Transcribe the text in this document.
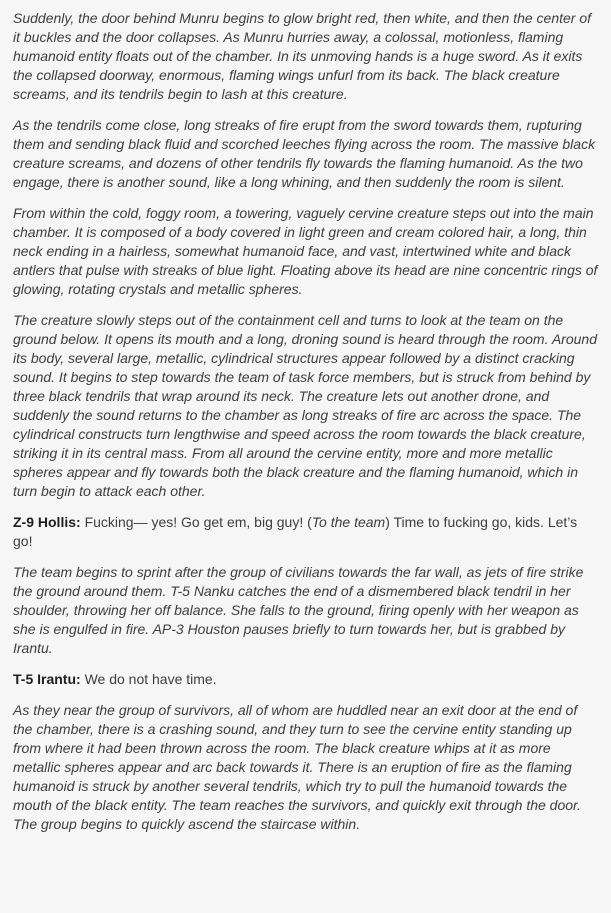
Suddenly, the door behind Munru begins to glow bright red, then white, and then the center of it buckles and the door collapses. As Munru hurries away, a colossal, motionless, flaming humanoid entity floats out of the chamber. In its unmoving hands is a huge sword. As it exits the collapsed doorway, enormous, flaming wings unfurl from its back. The black creature screams, and its tendrils begin to lash at this creature.

As the tendrils come close, long streaks of fire erupt from the sword towards them, rupturing them and sending black fluid and scorched leeches flying across the room. The massive black creature screams, and dozens of other tendrils fly towards the flaming humanoid. As the two engage, there is another sound, like a long whining, and then suddenly the room is silent.

From within the cold, foggy room, a towering, vaguely cervine creature steps out into the main chamber. It is composed of a body covered in light green and cream colored hair, a long, thin neck ending in a hairless, somewhat humanoid face, and vast, intertwined white and black antlers that pulse with streaks of blue light. Floating above its head are nine concentric rings of glowing, rotating crystals and metallic spheres.

The creature slowly steps out of the containment cell and turns to look at the team on the ground below. It opens its mouth and a long, droning sound is heard through the room. Around its body, several large, metallic, cylindrical structures appear followed by a distinct cracking sound. It begins to step towards the team of task force members, but is struck from behind by three black tendrils that wrap around its neck. The creature lets out another drone, and suddenly the sound returns to the chamber as long streaks of fire arc across the space. The cylindrical constructs turn lengthwise and speed across the room towards the black creature, striking it in its central mass. From all around the cervine entity, more and more metallic spheres appear and fly towards both the black creature and the flaming humanoid, which in turn begin to attack each other.

Z-9 Hollis: Fucking— yes! Go get em, big guy! (To the team) Time to fucking go, kids. Let’s go!

The team begins to sprint after the group of civilians towards the far wall, as jets of fire strike the ground around them. T-5 Nanku catches the end of a dismembered black tendril in her shoulder, throwing her off balance. She falls to the ground, firing openly with her weapon as she is engulfed in fire. AP-3 Houston pauses briefly to turn towards her, but is grabbed by Irantu.

T-5 Irantu: We do not have time.

As they near the group of survivors, all of whom are huddled near an exit door at the end of the chamber, there is a crashing sound, and they turn to see the cervine entity standing up from where it had been thrown across the room. The black creature whips at it as more metallic spheres appear and arc back towards it. There is an eruption of fire as the flaming humanoid is struck by another several tendrils, which try to pull the humanoid towards the mouth of the black entity. The team reaches the survivors, and quickly exit through the door. The group begins to quickly ascend the staircase within.
